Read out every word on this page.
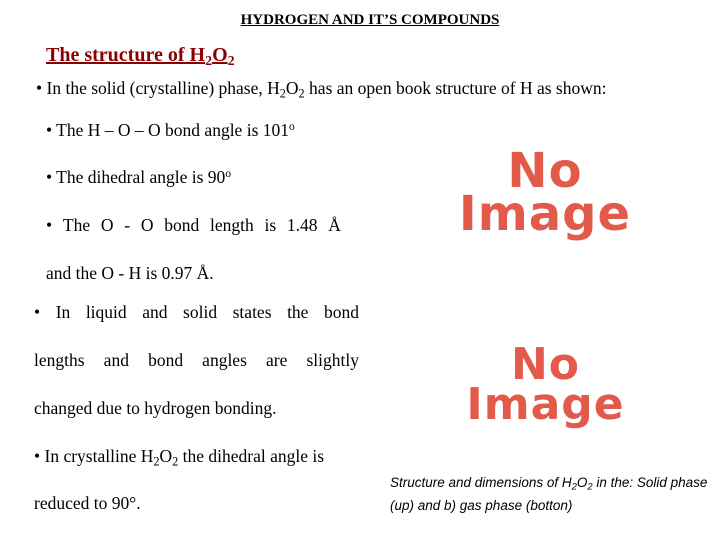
HYDROGEN AND IT’S COMPOUNDS
The structure of $H_2O_2$
• In the solid (crystalline) phase, $H_2O_2$ has an open book structure of H as shown:
• The H – O – O bond angle is 101$^o$
• The dihedral angle is 90$^o$
• The O - O bond length is 1.48 Å
and the O - H is 0.97 Å.
• In liquid and solid states the bond
lengths and bond angles are slightly
changed due to hydrogen bonding.
• In crystalline $H_2O_2$ the dihedral angle is
reduced to 90°.
No
Image
No
Image
Structure and dimensions of $H_2O_2$ in the: Solid phase (up) and b) gas phase (botton)
